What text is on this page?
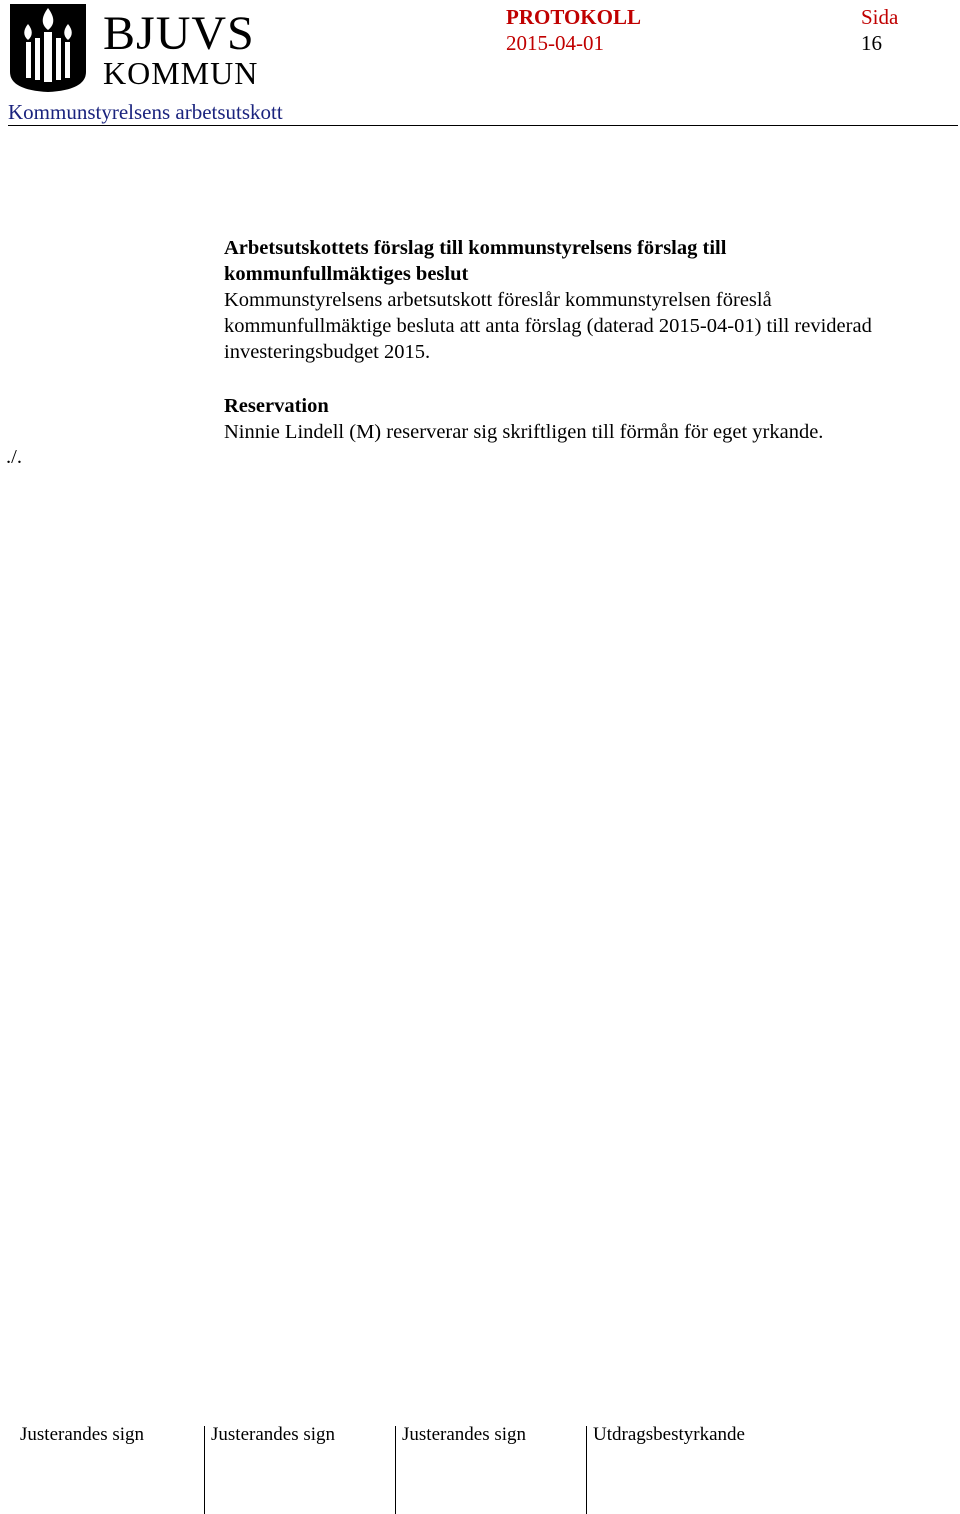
BJUVS
KOMMUN
PROTOKOLL
2015-04-01
Sida
16
Kommunstyrelsens arbetsutskott

Arbetsutskottets förslag till kommunstyrelsens förslag till

kommunfullmäktiges beslut

Kommunstyrelsens arbetsutskott föreslår kommunstyrelsen föreslå

kommunfullmäktige besluta att anta förslag (daterad 2015-04-01) till reviderad

investeringsbudget 2015.

Reservation

Ninnie Lindell (M) reserverar sig skriftligen till förmån för eget yrkande.

./.
Justerandes sign	Justerandes sign	Justerandes sign	Utdragsbestyrkande
